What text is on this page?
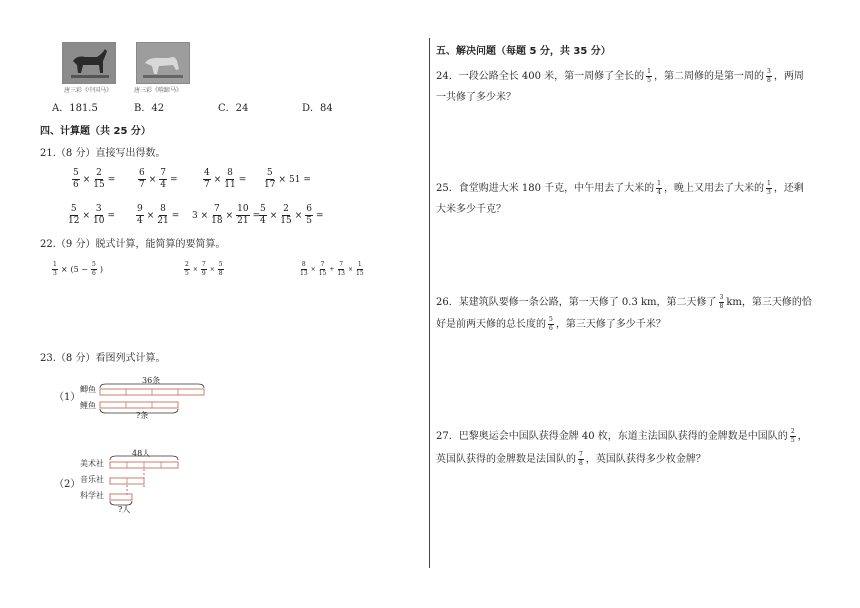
唐三彩《中国马》	唐三彩《啃蹄马》
A．181.5	B．42	C．24	D．84
四、计算题（共 25 分）
21.（8 分）直接写出得数。
$\frac{5}{6} \times \frac{2}{15}$ =	$\frac{6}{7} \times \frac{7}{4}$ =	$\frac{4}{7} \times \frac{8}{11} = \frac{5}{17} \times 51$ =
$\frac{5}{12} \times \frac{3}{10} = \frac{9}{4} \times \frac{8}{21} = 3 \times \frac{7}{18} \times \frac{10}{21}$ =
$\frac{5}{4} \times \frac{2}{15} \times \frac{6}{5}$ =
22.（9 分）脱式计算，能简算的要简算。
$\frac{1}{3} \times (5 - \frac{5}{6}$ )	$\frac{2}{5} \times \frac{7}{9} \times \frac{5}{8}$	$\frac{8}{13} \times \frac{7}{15} + \frac{7}{13} \times \frac{1}{15}$
23.（8 分）看图列式计算。
（1）
鲫鱼
鲤鱼
36条
?条
（2）
美术社
音乐社
科学社
48人
?人
五、解决问题（每题 5 分，共 35 分）
24．一段公路全长 400 米，第一周修了全长的 $\frac{1}{5}$ ，第二周修的是第一周的 $\frac{3}{8}$ ，两周
一共修了多少米？
25．食堂购进大米 180 千克，中午用去了大米的 $\frac{1}{4}$ ，晚上又用去了大米的 $\frac{1}{3}$ ，还剩
大米多少千克？
26．某建筑队要修一条公路，第一天修了 0.3 km，第二天修了 $\frac{3}{8}$ km，第三天修的恰
好是前两天修的总长度的 $\frac{5}{6}$ ，第三天修了多少千米？
27．巴黎奥运会中国队获得金牌 40 枚，东道主法国队获得的金牌数是中国队的 $\frac{2}{5}$ ，
英国队获得的金牌数是法国队的 $\frac{7}{8}$ ，英国队获得多少枚金牌？
